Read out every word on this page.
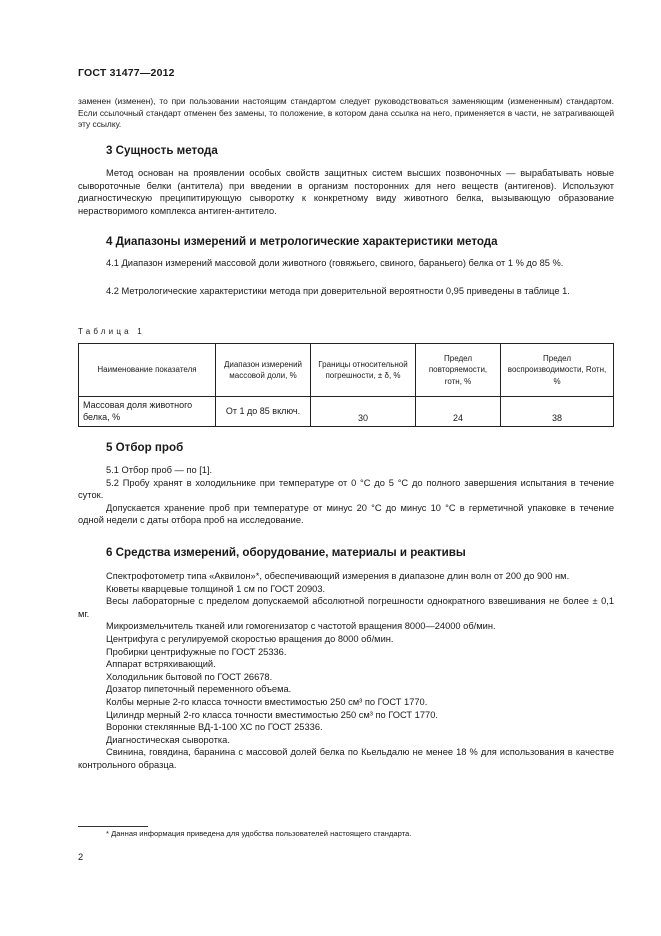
ГОСТ 31477—2012

заменен (изменен), то при пользовании настоящим стандартом следует руководствоваться заменяющим (измененным) стандартом. Если ссылочный стандарт отменен без замены, то положение, в котором дана ссылка на него, применяется в части, не затрагивающей эту ссылку.

3 Сущность метода

Метод основан на проявлении особых свойств защитных систем высших позвоночных — вырабатывать новые сывороточные белки (антитела) при введении в организм посторонних для него веществ (антигенов). Используют диагностическую преципитирующую сыворотку к конкретному виду животного белка, вызывающую образование нерастворимого комплекса антиген-антитело.

4 Диапазоны измерений и метрологические характеристики метода

4.1 Диапазон измерений массовой доли животного (говяжьего, свиного, бараньего) белка от 1 % до 85 %.

4.2 Метрологические характеристики метода при доверительной вероятности 0,95 приведены в таблице 1.

Таблица 1
Наименование показателя	Диапазон измерений массовой доли, %	Границы относительной погрешности, ± δ, %	Предел повторяемости, rотн, %	Предел воспроизводимости, Rотн, %
Массовая доля животного белка, %	От 1 до 85 включ.	30	24	38
5 Отбор проб

5.1 Отбор проб — по [1].

5.2 Пробу хранят в холодильнике при температуре от 0 °С до 5 °С до полного завершения испытания в течение суток.

Допускается хранение проб при температуре от минус 20 °С до минус 10 °С в герметичной упаковке в течение одной недели с даты отбора проб на исследование.

6 Средства измерений, оборудование, материалы и реактивы

Спектрофотометр типа «Аквилон»*, обеспечивающий измерения в диапазоне длин волн от 200 до 900 нм.

Кюветы кварцевые толщиной 1 см по ГОСТ 20903.

Весы лабораторные с пределом допускаемой абсолютной погрешности однократного взвешивания не более ± 0,1 мг.

Микроизмельчитель тканей или гомогенизатор с частотой вращения 8000—24000 об/мин.

Центрифуга с регулируемой скоростью вращения до 8000 об/мин.

Пробирки центрифужные по ГОСТ 25336.

Аппарат встряхивающий.

Холодильник бытовой по ГОСТ 26678.

Дозатор пипеточный переменного объема.

Колбы мерные 2-го класса точности вместимостью 250 см³ по ГОСТ 1770.

Цилиндр мерный 2-го класса точности вместимостью 250 см³ по ГОСТ 1770.

Воронки стеклянные ВД-1-100 ХС по ГОСТ 25336.

Диагностическая сыворотка.

Свинина, говядина, баранина с массовой долей белка по Кьельдалю не менее 18 % для использования в качестве контрольного образца.

* Данная информация приведена для удобства пользователей настоящего стандарта.
2
